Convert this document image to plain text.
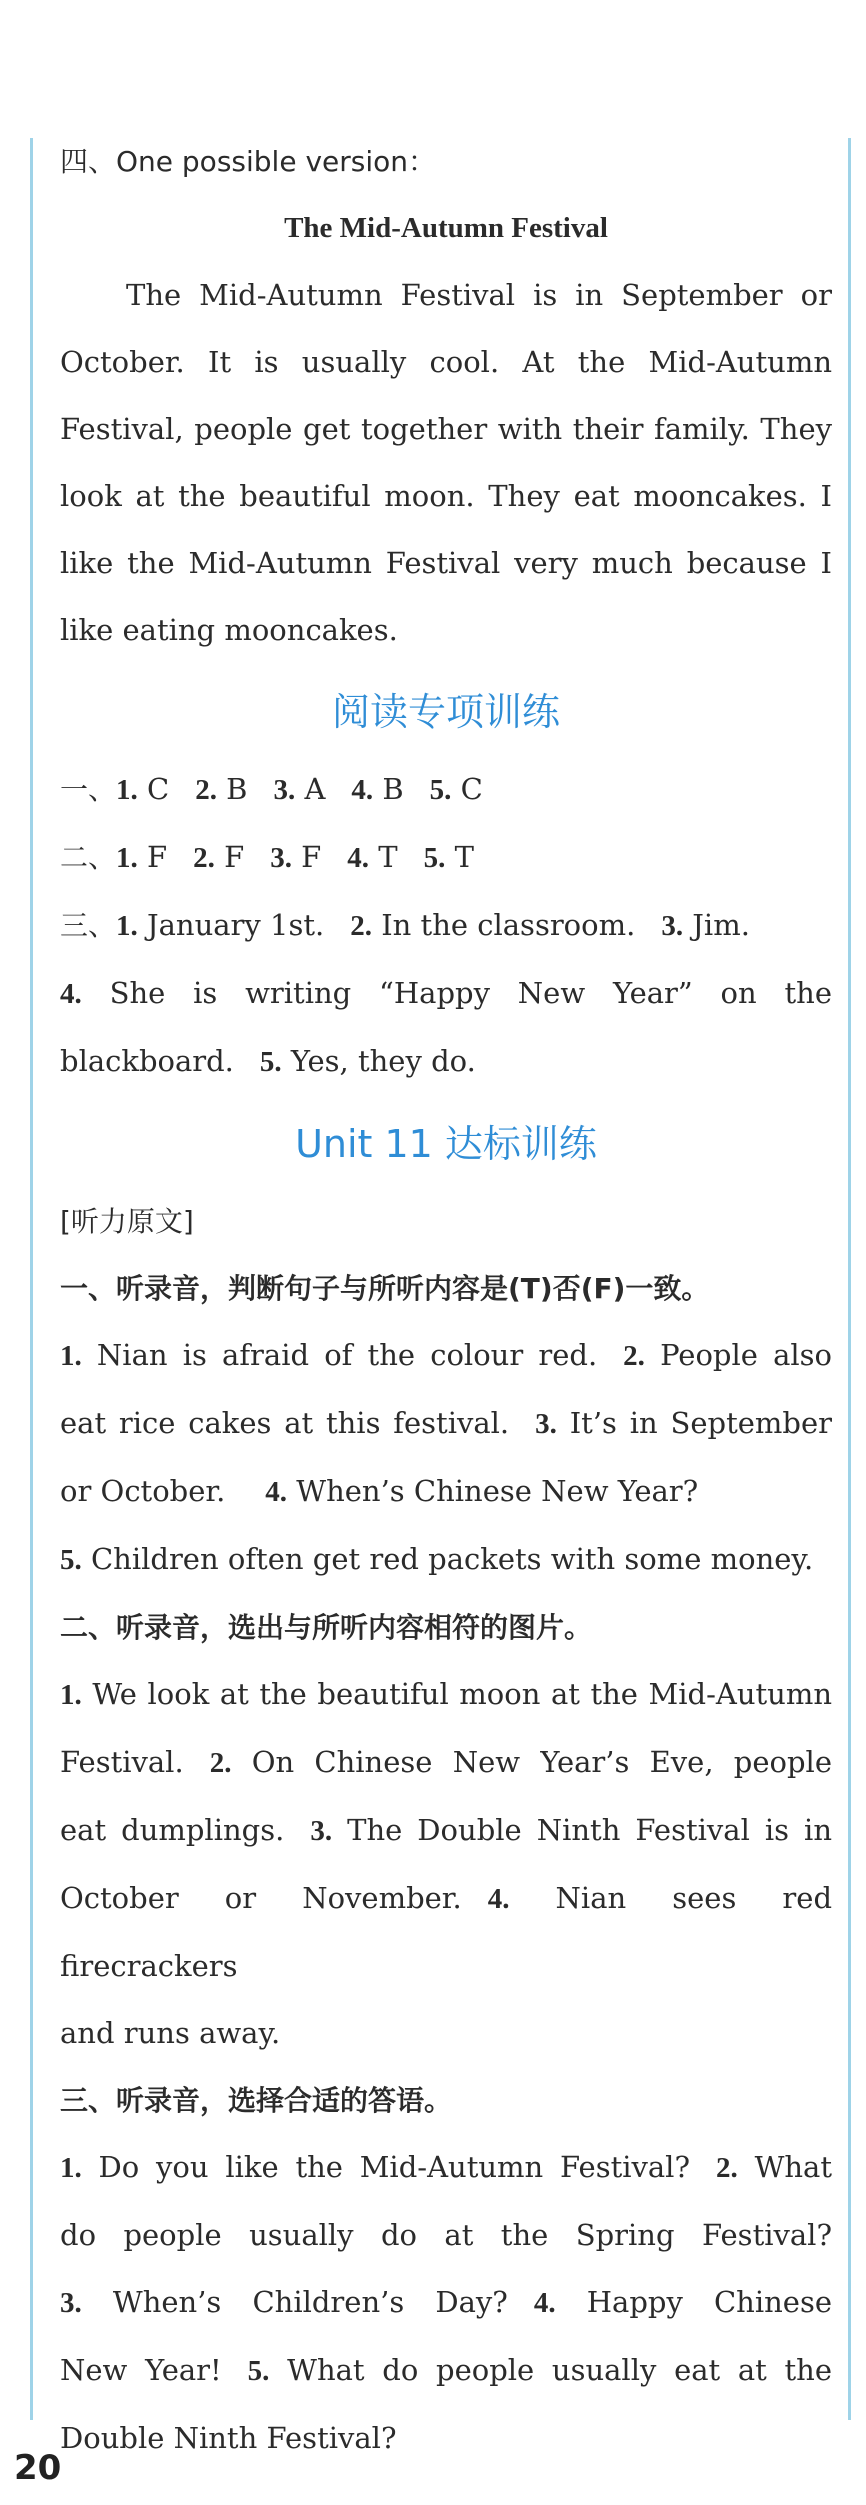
四、One possible version：
The Mid-Autumn Festival
The Mid-Autumn Festival is in September or
October. It is usually cool. At the Mid-Autumn
Festival, people get together with their family. They
look at the beautiful moon. They eat mooncakes. I
like the Mid-Autumn Festival very much because I
like eating mooncakes.
阅读专项训练
一、1. C 2. B 3. A 4. B 5. C
二、1. F 2. F 3. F 4. T 5. T
三、1. January 1st. 2. In the classroom. 3. Jim.
4. She is writing “Happy New Year” on the
blackboard. 5. Yes, they do.
Unit 11 达标训练
[听力原文]
一、听录音，判断句子与所听内容是(T)否(F)一致。
1. Nian is afraid of the colour red. 2. People also
eat rice cakes at this festival. 3. It’s in September
or October. 4. When’s Chinese New Year?
5. Children often get red packets with some money.
二、听录音，选出与所听内容相符的图片。
1. We look at the beautiful moon at the Mid-Autumn
Festival. 2. On Chinese New Year’s Eve, people
eat dumplings. 3. The Double Ninth Festival is in
October or November. 4. Nian sees red firecrackers
and runs away.
三、听录音，选择合适的答语。
1. Do you like the Mid-Autumn Festival? 2. What
do people usually do at the Spring Festival?
3. When’s Children’s Day? 4. Happy Chinese
New Year! 5. What do people usually eat at the
Double Ninth Festival?
20
